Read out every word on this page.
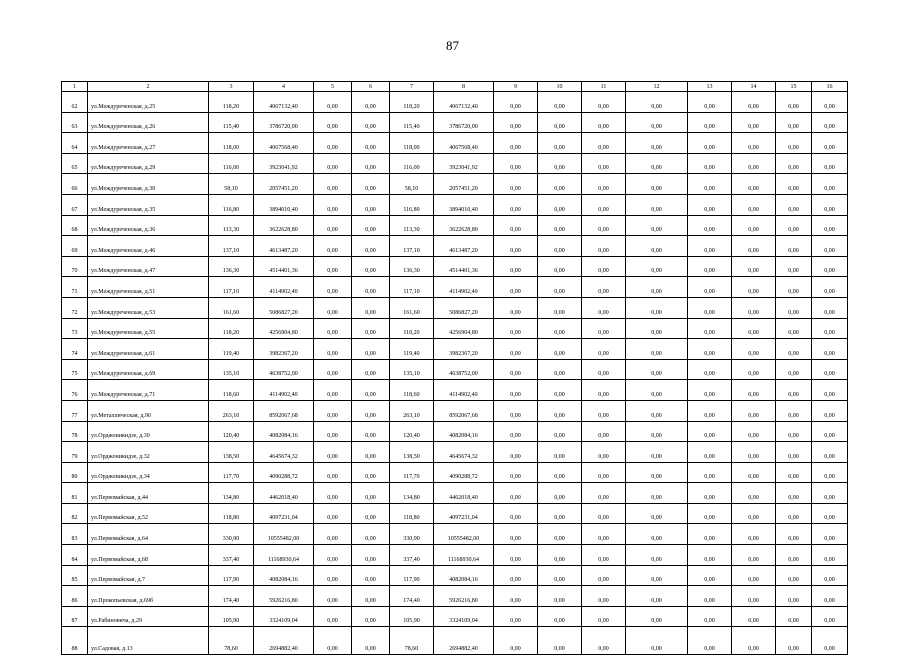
87
1	2	3	4	5	6	7	8	9	10	11	12	13	14	15	16
62	ул.Междуреченская, д.25	118,20	4067132,40	0,00	0,00	118,20	4067132,40	0,00	0,00	0,00	0,00	0,00	0,00	0,00	0,00
63	ул.Междуреченская, д.26	115,40	3786720,00	0,00	0,00	115,40	3786720,00	0,00	0,00	0,00	0,00	0,00	0,00	0,00	0,00
64	ул.Междуреченская, д.27	118,00	4067568,40	0,00	0,00	118,00	4067568,40	0,00	0,00	0,00	0,00	0,00	0,00	0,00	0,00
65	ул.Междуреченская, д.29	116,00	3923041,92	0,00	0,00	116,00	3923041,92	0,00	0,00	0,00	0,00	0,00	0,00	0,00	0,00
66	ул.Междуреченская, д.30	58,10	2057451,20	0,00	0,00	58,10	2057451,20	0,00	0,00	0,00	0,00	0,00	0,00	0,00	0,00
67	ул.Междуреченская, д.35	116,80	3894010,40	0,00	0,00	116,80	3894010,40	0,00	0,00	0,00	0,00	0,00	0,00	0,00	0,00
68	ул.Междуреченская, д.36	113,30	3622628,80	0,00	0,00	113,30	3622628,80	0,00	0,00	0,00	0,00	0,00	0,00	0,00	0,00
69	ул.Междуреченская, д.46	137,10	4613487,20	0,00	0,00	137,10	4613487,20	0,00	0,00	0,00	0,00	0,00	0,00	0,00	0,00
70	ул.Междуреченская, д.47	136,30	4514401,36	0,00	0,00	136,30	4514401,36	0,00	0,00	0,00	0,00	0,00	0,00	0,00	0,00
71	ул.Междуреченская, д.51	117,10	4114902,40	0,00	0,00	117,10	4114902,40	0,00	0,00	0,00	0,00	0,00	0,00	0,00	0,00
72	ул.Междуреченская, д.53	161,60	5086827,20	0,00	0,00	161,60	5086827,20	0,00	0,00	0,00	0,00	0,00	0,00	0,00	0,00
73	ул.Междуреченская, д.55	118,20	4256904,80	0,00	0,00	118,20	4256904,80	0,00	0,00	0,00	0,00	0,00	0,00	0,00	0,00
74	ул.Междуреченская, д.61	119,40	3982367,20	0,00	0,00	119,40	3982367,20	0,00	0,00	0,00	0,00	0,00	0,00	0,00	0,00
75	ул.Междуреченская, д.69	135,10	4638752,00	0,00	0,00	135,10	4638752,00	0,00	0,00	0,00	0,00	0,00	0,00	0,00	0,00
76	ул.Междуреченская, д.71	118,60	4114902,40	0,00	0,00	118,60	4114902,40	0,00	0,00	0,00	0,00	0,00	0,00	0,00	0,00
77	ул.Металлическая, д.90	263,10	8592067,68	0,00	0,00	263,10	8592067,68	0,00	0,00	0,00	0,00	0,00	0,00	0,00	0,00
78	ул.Орджоникидзе, д.30	120,40	4082084,16	0,00	0,00	120,40	4082084,16	0,00	0,00	0,00	0,00	0,00	0,00	0,00	0,00
79	ул.Орджоникидзе, д.32	138,50	4645674,32	0,00	0,00	138,50	4645674,32	0,00	0,00	0,00	0,00	0,00	0,00	0,00	0,00
80	ул.Орджоникидзе, д.34	117,70	4090288,72	0,00	0,00	117,70	4090288,72	0,00	0,00	0,00	0,00	0,00	0,00	0,00	0,00
81	ул.Первомайская, д.44	134,80	4462018,40	0,00	0,00	134,80	4462018,40	0,00	0,00	0,00	0,00	0,00	0,00	0,00	0,00
82	ул.Первомайская, д.52	118,80	4097231,04	0,00	0,00	118,80	4097231,04	0,00	0,00	0,00	0,00	0,00	0,00	0,00	0,00
83	ул.Первомайская, д.64	330,90	10555482,00	0,00	0,00	330,90	10555482,00	0,00	0,00	0,00	0,00	0,00	0,00	0,00	0,00
84	ул.Первомайская, д.68	337,40	11168930,64	0,00	0,00	337,40	11168930,64	0,00	0,00	0,00	0,00	0,00	0,00	0,00	0,00
85	ул.Первомайская, д.7	117,90	4082084,16	0,00	0,00	117,90	4082084,16	0,00	0,00	0,00	0,00	0,00	0,00	0,00	0,00
86	ул.Прокопьевская, д.69б	174,40	5926216,80	0,00	0,00	174,40	5926216,80	0,00	0,00	0,00	0,00	0,00	0,00	0,00	0,00
87	ул.Рабиновича, д.29	105,90	3324109,04	0,00	0,00	105,90	3324109,04	0,00	0,00	0,00	0,00	0,00	0,00	0,00	0,00
88	ул.Садовая, д.13	78,60	2694882,40	0,00	0,00	78,60	2694882,40	0,00	0,00	0,00	0,00	0,00	0,00	0,00	0,00
